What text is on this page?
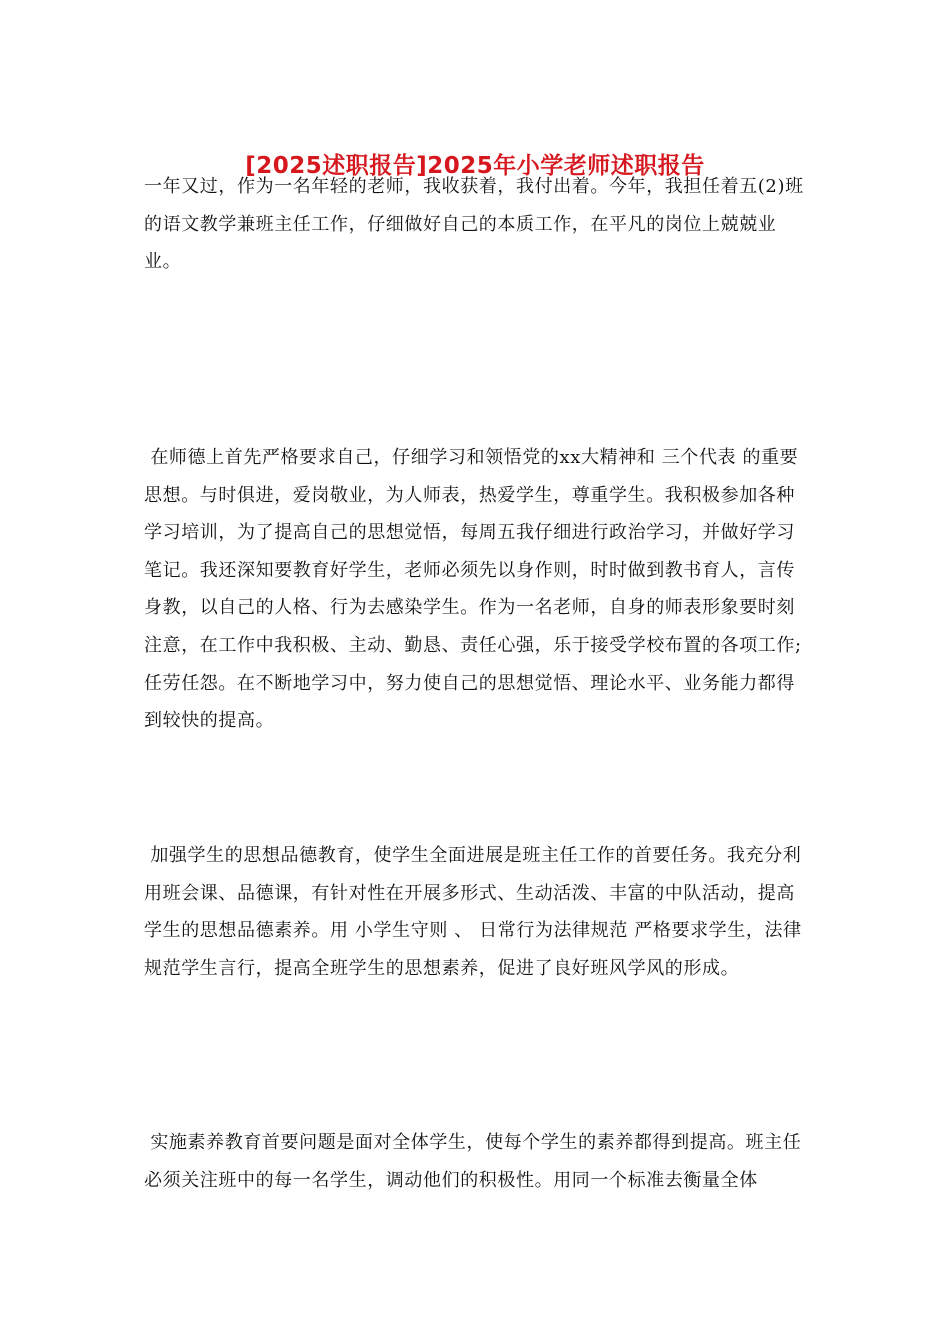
[2025述职报告]2025年小学老师述职报告

一年又过，作为一名年轻的老师，我收获着，我付出着。今年，我担任着五(2)班的语文教学兼班主任工作，仔细做好自己的本质工作，在平凡的岗位上兢兢业业。

在师德上首先严格要求自己，仔细学习和领悟党的xx大精神和 三个代表 的重要思想。与时俱进，爱岗敬业，为人师表，热爱学生，尊重学生。我积极参加各种学习培训，为了提高自己的思想觉悟，每周五我仔细进行政治学习，并做好学习笔记。我还深知要教育好学生，老师必须先以身作则，时时做到教书育人，言传身教，以自己的人格、行为去感染学生。作为一名老师，自身的师表形象要时刻注意，在工作中我积极、主动、勤恳、责任心强，乐于接受学校布置的各项工作;任劳任怨。在不断地学习中，努力使自己的思想觉悟、理论水平、业务能力都得到较快的提高。

加强学生的思想品德教育，使学生全面进展是班主任工作的首要任务。我充分利用班会课、品德课，有针对性在开展多形式、生动活泼、丰富的中队活动，提高学生的思想品德素养。用 小学生守则 、 日常行为法律规范 严格要求学生，法律规范学生言行，提高全班学生的思想素养，促进了良好班风学风的形成。

实施素养教育首要问题是面对全体学生，使每个学生的素养都得到提高。班主任必须关注班中的每一名学生，调动他们的积极性。用同一个标准去衡量全体
